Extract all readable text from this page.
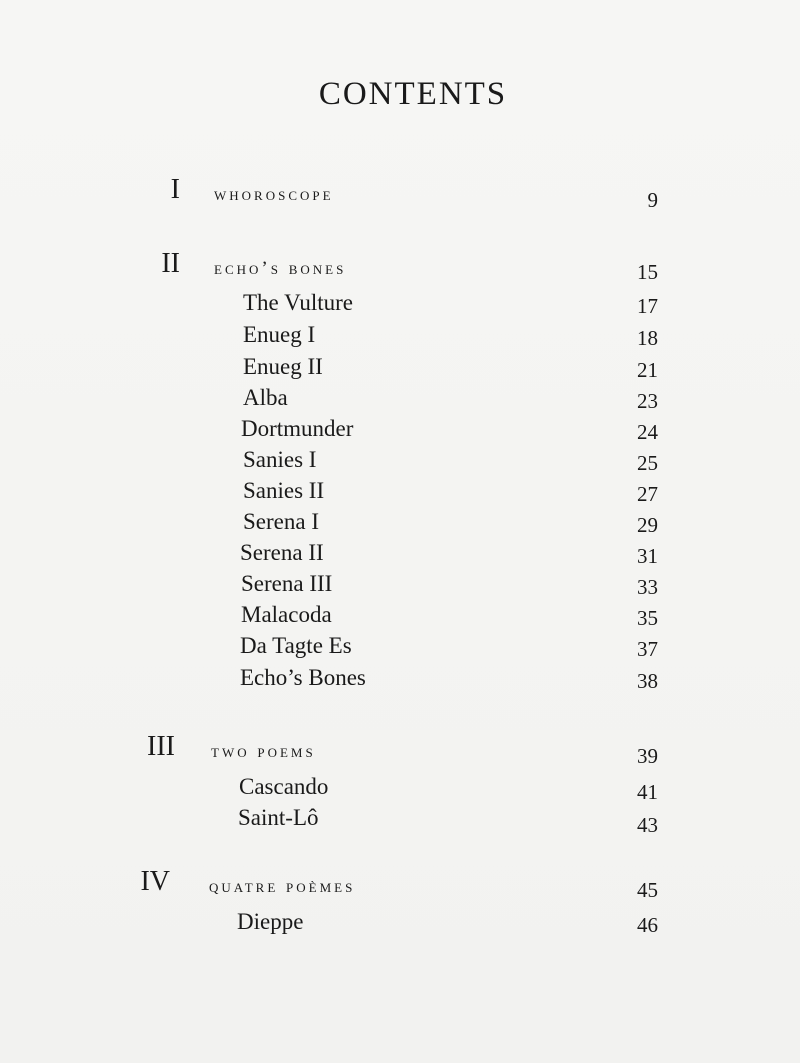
CONTENTS
I whoroscope	9
II echo’s bones	15
The Vulture	17
Enueg I	18
Enueg II	21
Alba	23
Dortmunder	24
Sanies I	25
Sanies II	27
Serena I	29
Serena II	31
Serena III	33
Malacoda	35
Da Tagte Es	37
Echo’s Bones	38
III two poems	39
Cascando	41
Saint-Lô	43
IV quatre poèmes	45
Dieppe	46
